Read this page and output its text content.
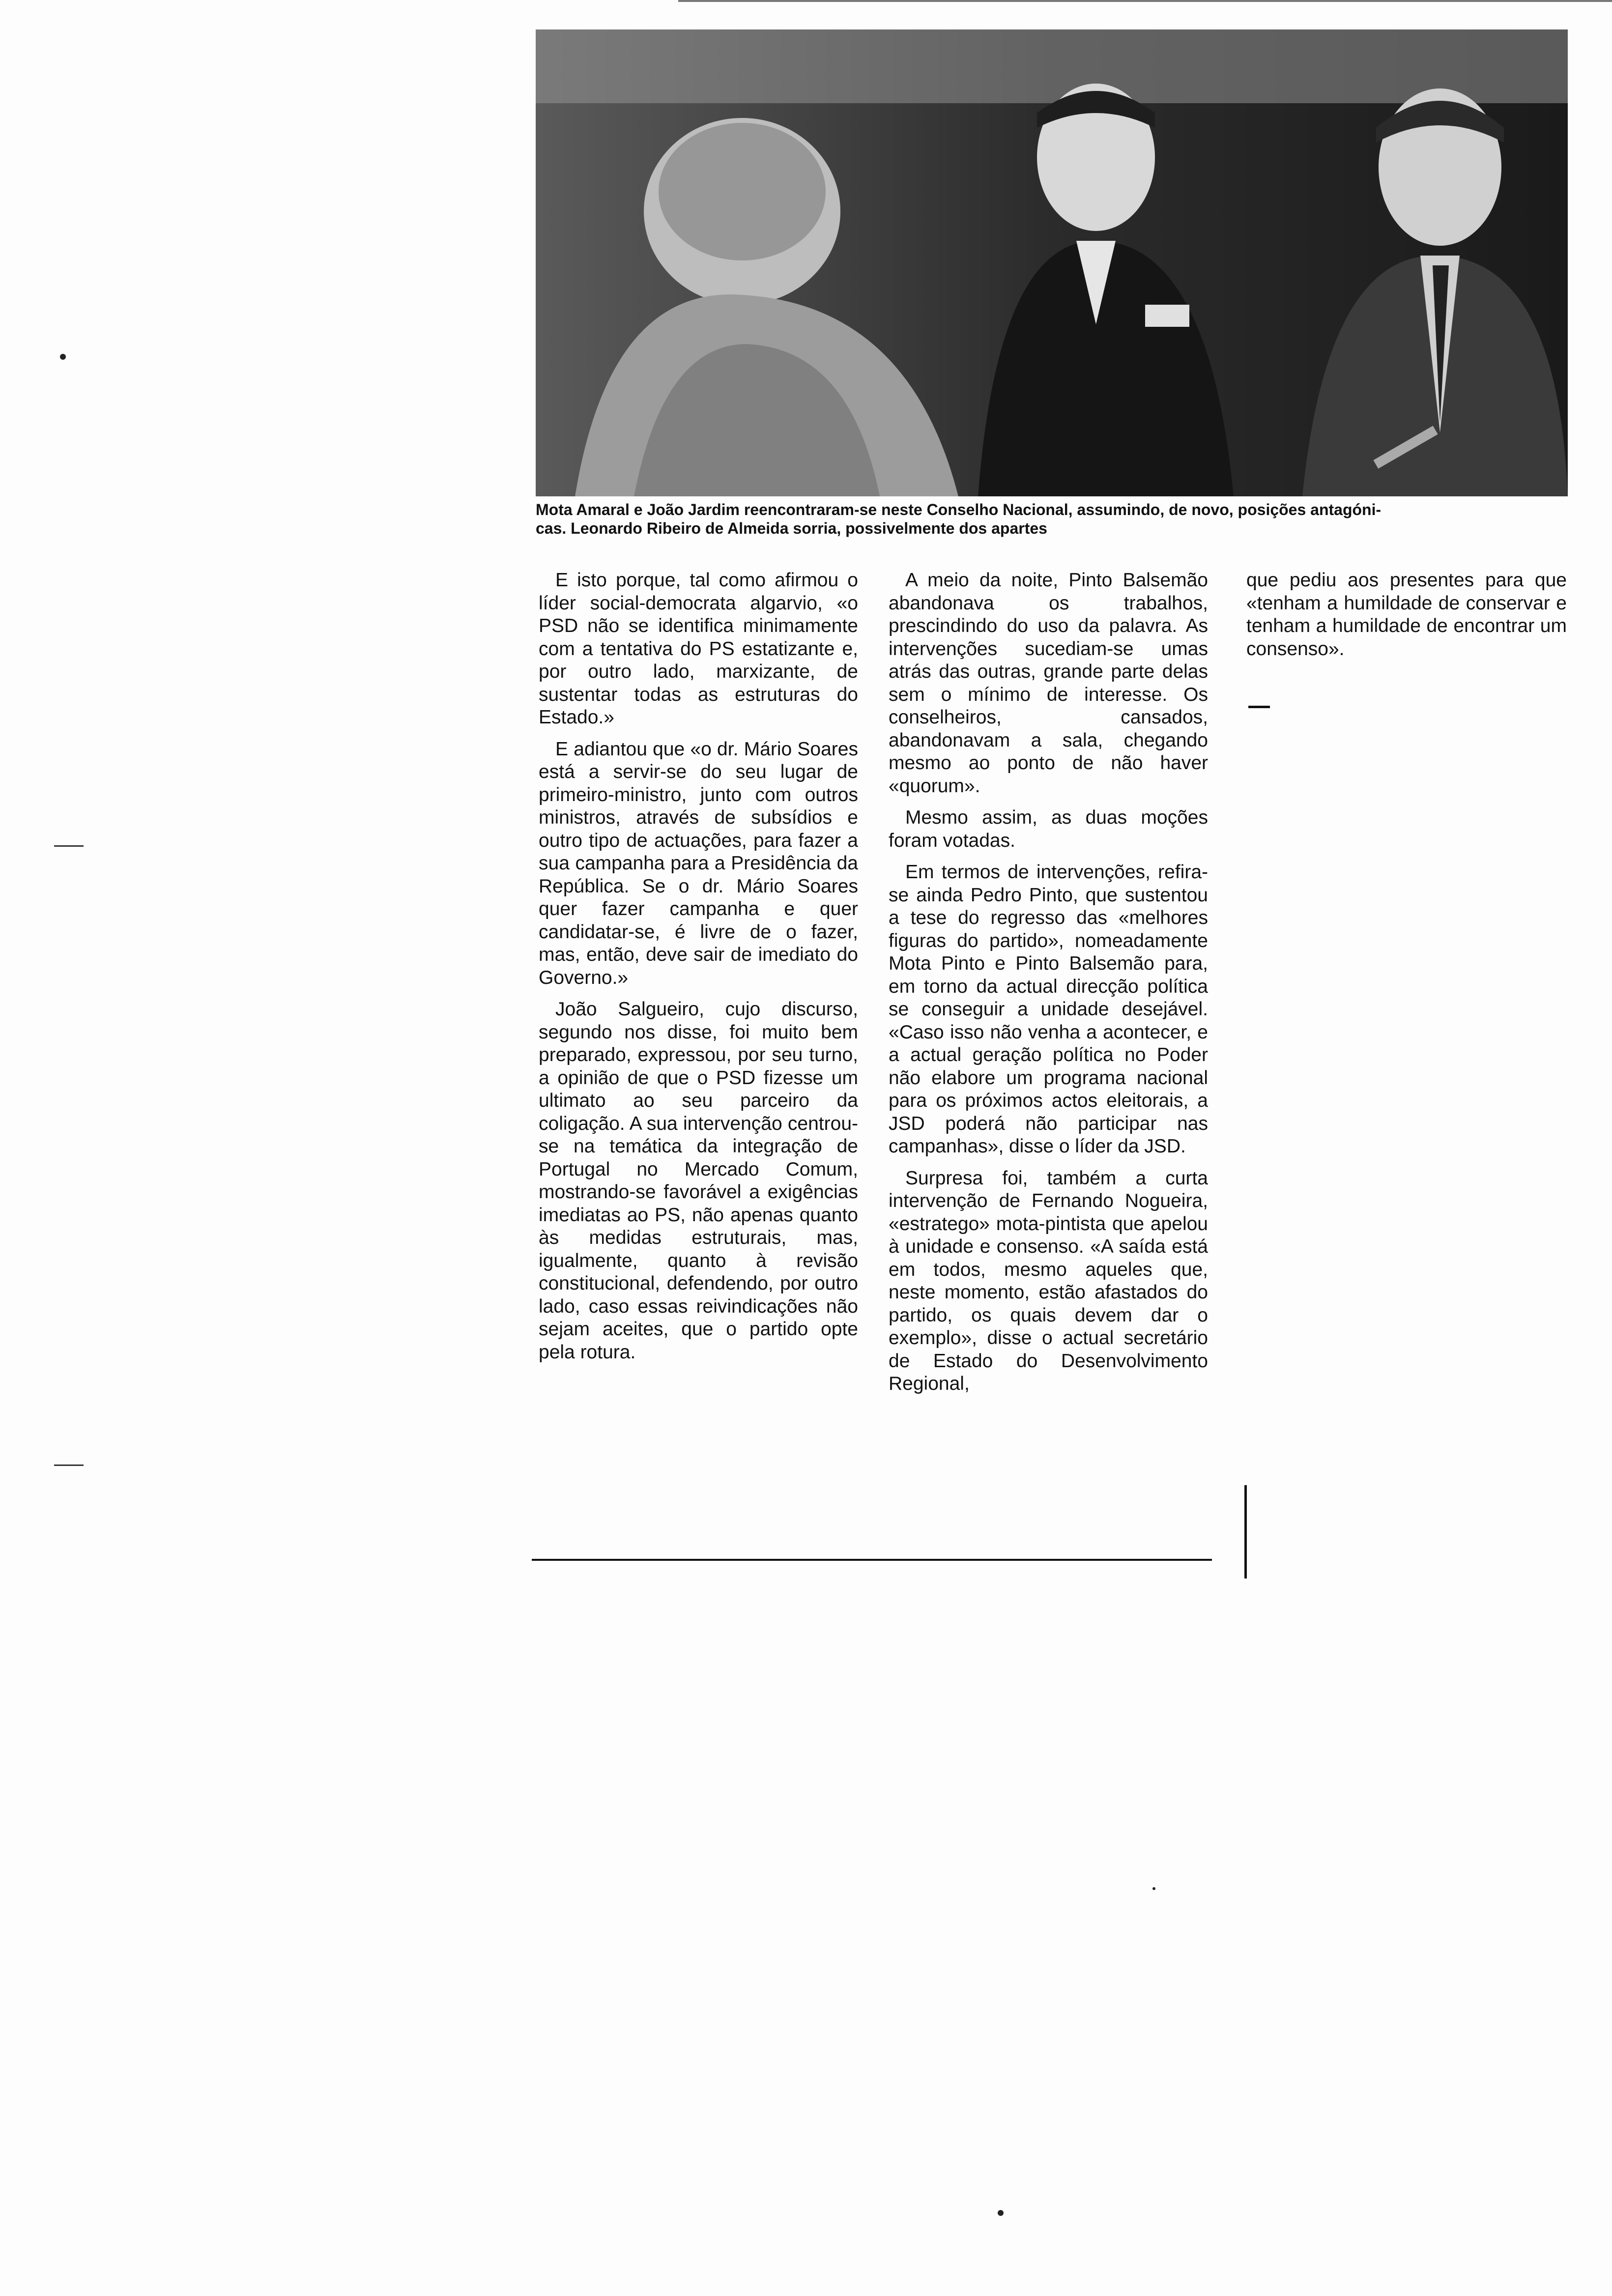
Mota Amaral e João Jardim reencontraram-se neste Conselho Nacional, assumindo, de novo, posições antagóni-
cas. Leonardo Ribeiro de Almeida sorria, possivelmente dos apartes

E isto porque, tal como afirmou o líder social-democrata algarvio, «o PSD não se identifica minimamente com a tentativa do PS estatizante e, por outro lado, marxizante, de sustentar todas as estruturas do Estado.»

E adiantou que «o dr. Mário Soares está a servir-se do seu lugar de primeiro-ministro, junto com outros ministros, através de subsídios e outro tipo de actuações, para fazer a sua campanha para a Presidência da República. Se o dr. Mário Soares quer fazer campanha e quer candidatar-se, é livre de o fazer, mas, então, deve sair de imediato do Governo.»

João Salgueiro, cujo discurso, segundo nos disse, foi muito bem preparado, expressou, por seu turno, a opinião de que o PSD fizesse um ultimato ao seu parceiro da coligação. A sua intervenção centrou-se na temática da integração de Portugal no Mercado Comum, mostrando-se favorável a exigências imediatas ao PS, não apenas quanto às medidas estruturais, mas, igualmente, quanto à revisão constitucional, defendendo, por outro lado, caso essas reivindicações não sejam aceites, que o partido opte pela rotura.

A meio da noite, Pinto Balsemão abandonava os trabalhos, prescindindo do uso da palavra. As intervenções sucediam-se umas atrás das outras, grande parte delas sem o mínimo de interesse. Os conselheiros, cansados, abandonavam a sala, chegando mesmo ao ponto de não haver «quorum».

Mesmo assim, as duas moções foram votadas.

Em termos de intervenções, refira-se ainda Pedro Pinto, que sustentou a tese do regresso das «melhores figuras do partido», nomeadamente Mota Pinto e Pinto Balsemão para, em torno da actual direcção política se conseguir a unidade desejável. «Caso isso não venha a acontecer, e a actual geração política no Poder não elabore um programa nacional para os próximos actos eleitorais, a JSD poderá não participar nas campanhas», disse o líder da JSD.

Surpresa foi, também a curta intervenção de Fernando Nogueira, «estratego» mota-pintista que apelou à unidade e consenso. «A saída está em todos, mesmo aqueles que, neste momento, estão afastados do partido, os quais devem dar o exemplo», disse o actual secretário de Estado do Desenvolvimento Regional,

que pediu aos presentes para que «tenham a humildade de conservar e tenham a humildade de encontrar um consenso».
